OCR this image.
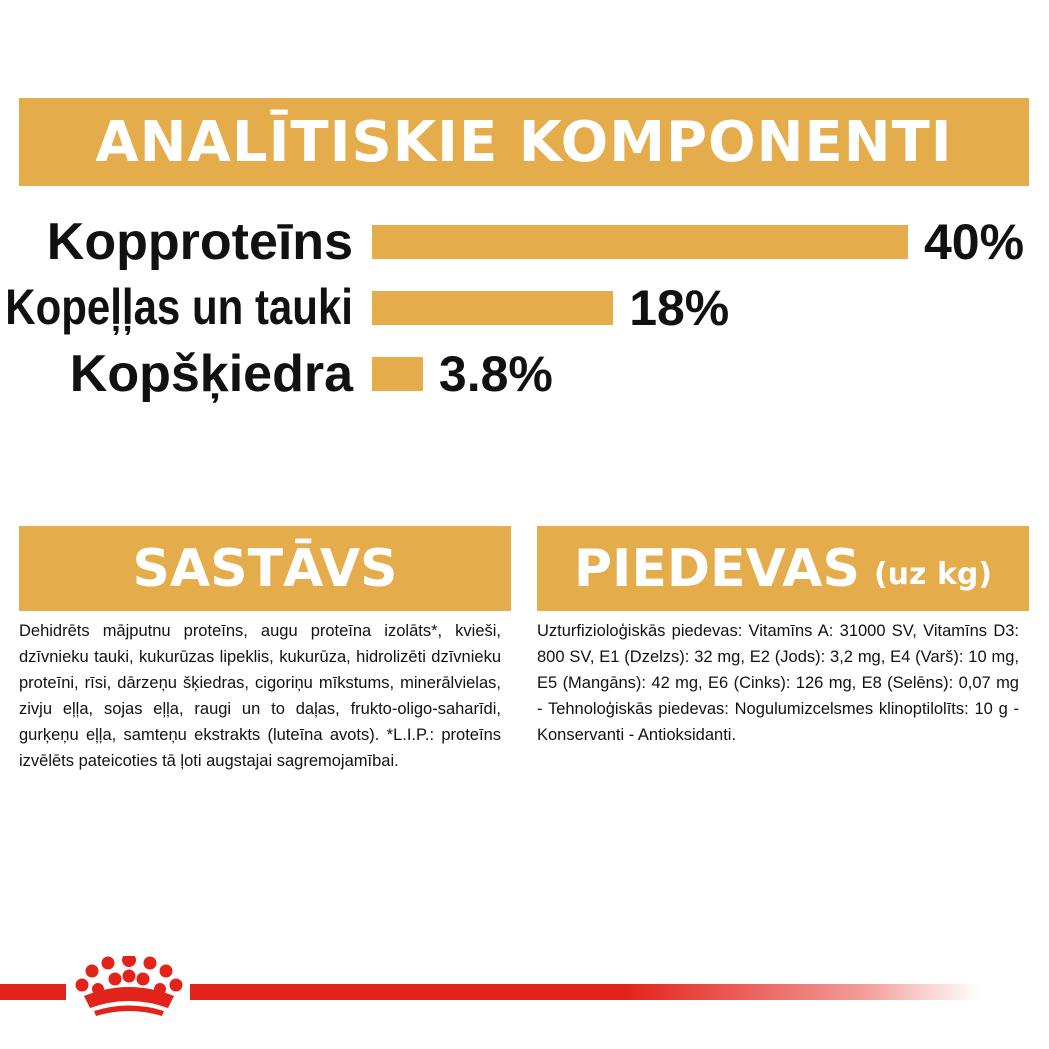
ANALĪTISKIE KOMPONENTI
Kopproteīns	40%
Kopeļļas un tauki	18%
Kopšķiedra 3.8%
SASTĀVS
Dehidrēts mājputnu proteīns, augu proteīna izolāts*, kvieši, dzīvnieku tauki, kukurūzas lipeklis, kukurūza, hidrolizēti dzīvnieku proteīni, rīsi, dārzeņu šķiedras, cigoriņu mīkstums, minerālvielas, zivju eļļa, sojas eļļa, raugi un to daļas, frukto-oligo-saharīdi, gurķeņu eļļa, samteņu ekstrakts (luteīna avots). *L.I.P.: proteīns izvēlēts pateicoties tā ļoti augstajai sagremojamībai.
PIEDEVAS (uz kg)
Uzturfizioloģiskās piedevas: Vitamīns A: 31000 SV, Vitamīns D3: 800 SV, E1 (Dzelzs): 32 mg, E2 (Jods): 3,2 mg, E4 (Varš): 10 mg, E5 (Mangāns): 42 mg, E6 (Cinks): 126 mg, E8 (Selēns): 0,07 mg - Tehnoloģiskās piedevas: Nogulumizcelsmes klinoptilolīts: 10 g - Konservanti - Antioksidanti.
